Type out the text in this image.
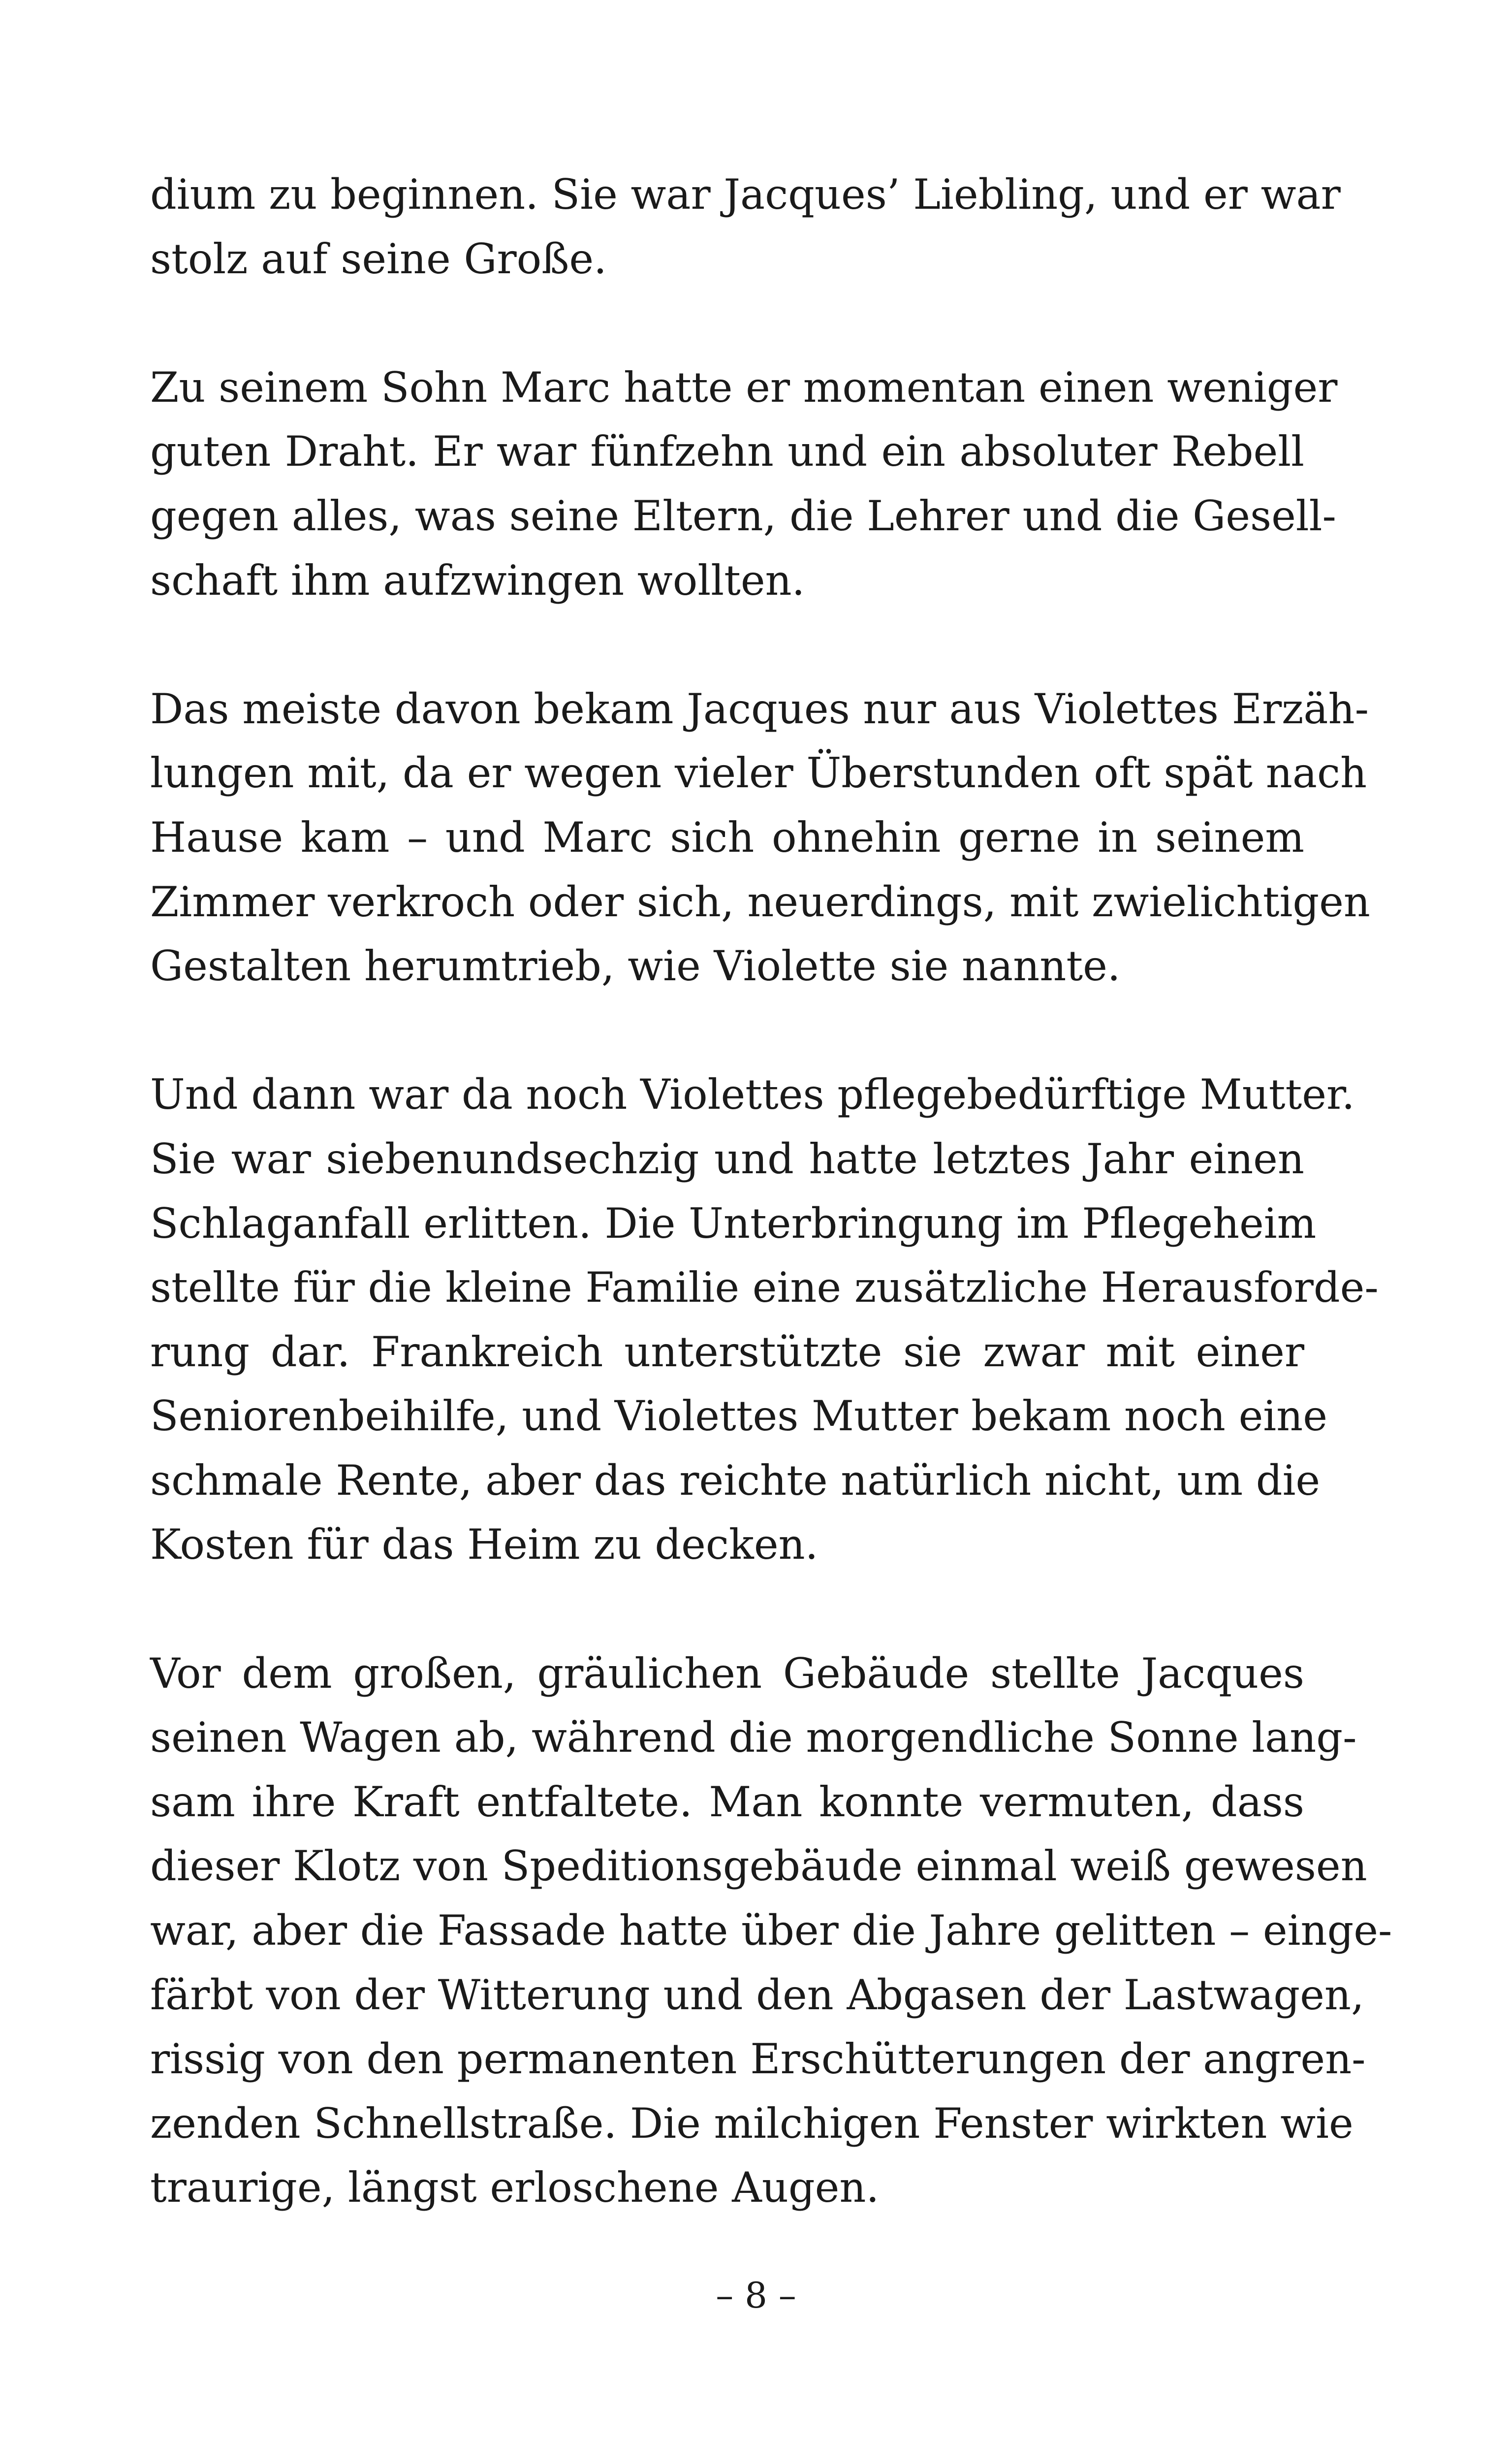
dium zu beginnen. Sie war Jacques’ Liebling, und er war
stolz auf seine Große.

Zu seinem Sohn Marc hatte er momentan einen weniger
guten Draht. Er war fünfzehn und ein absoluter Rebell
gegen alles, was seine Eltern, die Lehrer und die Gesell-
schaft ihm aufzwingen wollten.

Das meiste davon bekam Jacques nur aus Violettes Erzäh-
lungen mit, da er wegen vieler Überstunden oft spät nach
Hause kam – und Marc sich ohnehin gerne in seinem
Zimmer verkroch oder sich, neuerdings, mit zwielichtigen
Gestalten herumtrieb, wie Violette sie nannte.

Und dann war da noch Violettes pflegebedürftige Mutter.
Sie war siebenundsechzig und hatte letztes Jahr einen
Schlaganfall erlitten. Die Unterbringung im Pflegeheim
stellte für die kleine Familie eine zusätzliche Herausforde-
rung dar. Frankreich unterstützte sie zwar mit einer
Seniorenbeihilfe, und Violettes Mutter bekam noch eine
schmale Rente, aber das reichte natürlich nicht, um die
Kosten für das Heim zu decken.

Vor dem großen, gräulichen Gebäude stellte Jacques
seinen Wagen ab, während die morgendliche Sonne lang-
sam ihre Kraft entfaltete. Man konnte vermuten, dass
dieser Klotz von Speditionsgebäude einmal weiß gewesen
war, aber die Fassade hatte über die Jahre gelitten – einge-
färbt von der Witterung und den Abgasen der Lastwagen,
rissig von den permanenten Erschütterungen der angren-
zenden Schnellstraße. Die milchigen Fenster wirkten wie
traurige, längst erloschene Augen.

– 8 –
